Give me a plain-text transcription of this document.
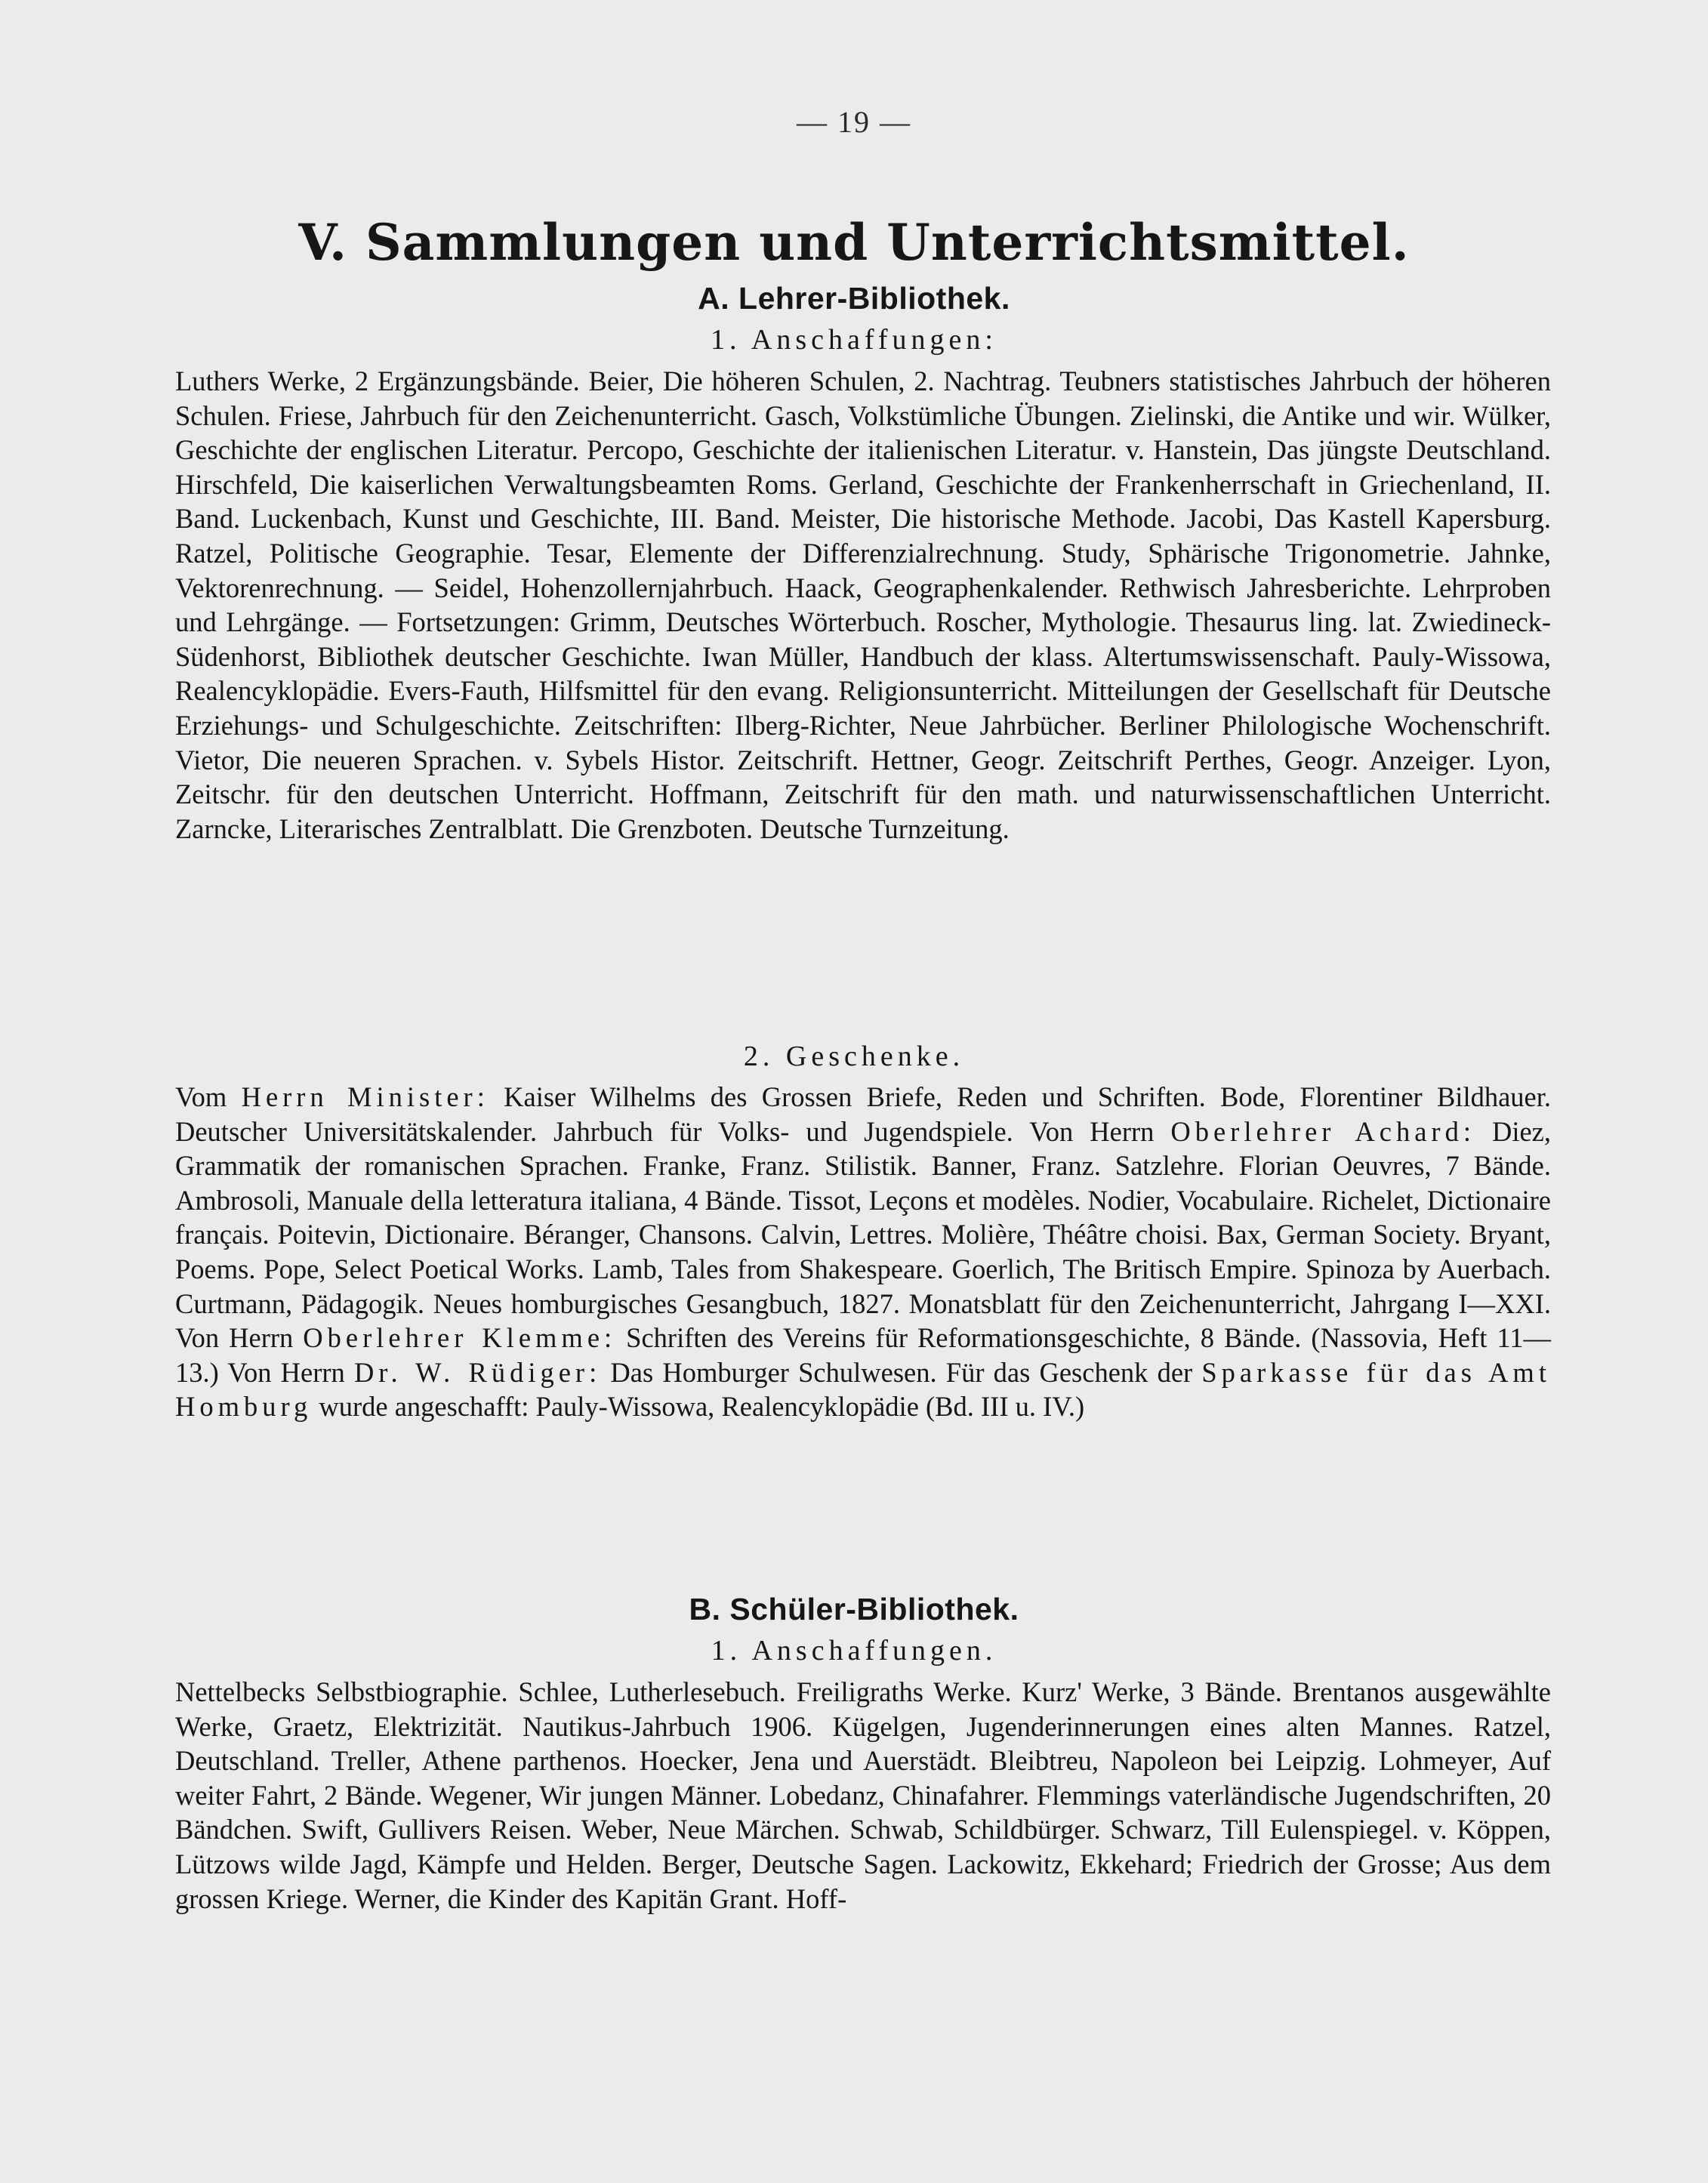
— 19 —
V. Sammlungen und Unterrichtsmittel.
A. Lehrer-Bibliothek.
1. Anschaffungen:
Luthers Werke, 2 Ergänzungsbände. Beier, Die höheren Schulen, 2. Nachtrag. Teubners statistisches Jahrbuch der höheren Schulen. Friese, Jahrbuch für den Zeichenunterricht. Gasch, Volkstümliche Übungen. Zielinski, die Antike und wir. Wülker, Geschichte der englischen Literatur. Percopo, Geschichte der italienischen Literatur. v. Hanstein, Das jüngste Deutschland. Hirschfeld, Die kaiserlichen Verwaltungsbeamten Roms. Gerland, Geschichte der Frankenherrschaft in Griechenland, II. Band. Luckenbach, Kunst und Geschichte, III. Band. Meister, Die historische Methode. Jacobi, Das Kastell Kapersburg. Ratzel, Politische Geographie. Tesar, Elemente der Differenzialrechnung. Study, Sphärische Trigonometrie. Jahnke, Vektorenrechnung. — Seidel, Hohenzollernjahrbuch. Haack, Geographenkalender. Rethwisch Jahresberichte. Lehrproben und Lehrgänge. — Fortsetzungen: Grimm, Deutsches Wörterbuch. Roscher, Mythologie. Thesaurus ling. lat. Zwiedineck-Südenhorst, Bibliothek deutscher Geschichte. Iwan Müller, Handbuch der klass. Altertumswissenschaft. Pauly-Wissowa, Realencyklopädie. Evers-Fauth, Hilfsmittel für den evang. Religionsunterricht. Mitteilungen der Gesellschaft für Deutsche Erziehungs- und Schulgeschichte. Zeitschriften: Ilberg-Richter, Neue Jahrbücher. Berliner Philologische Wochenschrift. Vietor, Die neueren Sprachen. v. Sybels Histor. Zeitschrift. Hettner, Geogr. Zeitschrift Perthes, Geogr. Anzeiger. Lyon, Zeitschr. für den deutschen Unterricht. Hoffmann, Zeitschrift für den math. und naturwissenschaftlichen Unterricht. Zarncke, Literarisches Zentralblatt. Die Grenzboten. Deutsche Turnzeitung.
2. Geschenke.
Vom Herrn Minister: Kaiser Wilhelms des Grossen Briefe, Reden und Schriften. Bode, Florentiner Bildhauer. Deutscher Universitätskalender. Jahrbuch für Volks- und Jugendspiele. Von Herrn Oberlehrer Achard: Diez, Grammatik der romanischen Sprachen. Franke, Franz. Stilistik. Banner, Franz. Satzlehre. Florian Oeuvres, 7 Bände. Ambrosoli, Manuale della letteratura italiana, 4 Bände. Tissot, Leçons et modèles. Nodier, Vocabulaire. Richelet, Dictionaire français. Poitevin, Dictionaire. Béranger, Chansons. Calvin, Lettres. Molière, Théâtre choisi. Bax, German Society. Bryant, Poems. Pope, Select Poetical Works. Lamb, Tales from Shakespeare. Goerlich, The Britisch Empire. Spinoza by Auerbach. Curtmann, Pädagogik. Neues homburgisches Gesangbuch, 1827. Monatsblatt für den Zeichenunterricht, Jahrgang I—XXI. Von Herrn Oberlehrer Klemme: Schriften des Vereins für Reformationsgeschichte, 8 Bände. (Nassovia, Heft 11—13.) Von Herrn Dr. W. Rüdiger: Das Homburger Schulwesen. Für das Geschenk der Sparkasse für das Amt Homburg wurde angeschafft: Pauly-Wissowa, Realencyklopädie (Bd. III u. IV.)
B. Schüler-Bibliothek.
1. Anschaffungen.
Nettelbecks Selbstbiographie. Schlee, Lutherlesebuch. Freiligraths Werke. Kurz' Werke, 3 Bände. Brentanos ausgewählte Werke, Graetz, Elektrizität. Nautikus-Jahrbuch 1906. Kügelgen, Jugenderinnerungen eines alten Mannes. Ratzel, Deutschland. Treller, Athene parthenos. Hoecker, Jena und Auerstädt. Bleibtreu, Napoleon bei Leipzig. Lohmeyer, Auf weiter Fahrt, 2 Bände. Wegener, Wir jungen Männer. Lobedanz, Chinafahrer. Flemmings vaterländische Jugendschriften, 20 Bändchen. Swift, Gullivers Reisen. Weber, Neue Märchen. Schwab, Schildbürger. Schwarz, Till Eulenspiegel. v. Köppen, Lützows wilde Jagd, Kämpfe und Helden. Berger, Deutsche Sagen. Lackowitz, Ekkehard; Friedrich der Grosse; Aus dem grossen Kriege. Werner, die Kinder des Kapitän Grant. Hoff-
